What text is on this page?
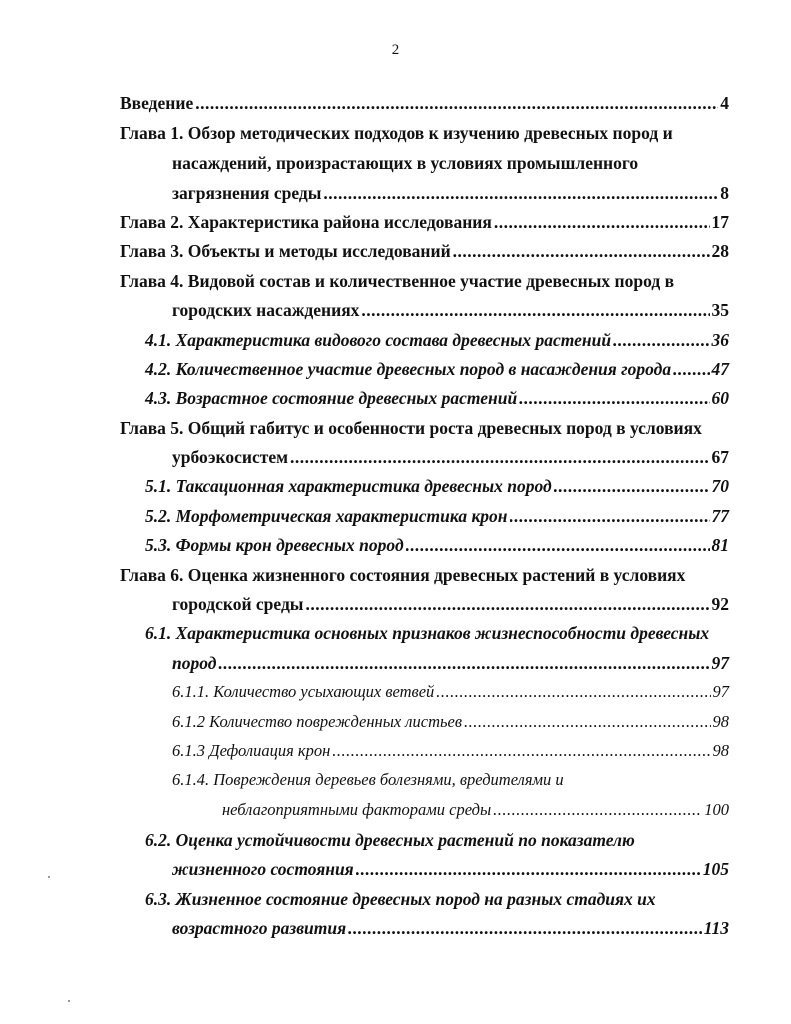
2
Введение .....	4
Глава 1. Обзор методических подходов к изучению древесных пород и
насаждений, произрастающих в условиях промышленного
загрязнения среды .....	8
Глава 2. Характеристика района исследования .....	17
Глава 3. Объекты и методы исследований .....	28
Глава 4. Видовой состав и количественное участие древесных пород в
городских насаждениях .....	35
4.1. Характеристика видового состава древесных растений .....	36
4.2. Количественное участие древесных пород в насаждения города ..... 47
4.3. Возрастное состояние древесных растений .....	60
Глава 5. Общий габитус и особенности роста древесных пород в условиях
урбоэкосистем .....	67
5.1. Таксационная характеристика древесных пород .....	70
5.2. Морфометрическая характеристика крон .....	77
5.3. Формы крон древесных пород .....	81
Глава 6. Оценка жизненного состояния древесных растений в условиях
городской среды .....	92
6.1. Характеристика основных признаков жизнеспособности древесных
пород .....	97
6.1.1. Количество усыхающих ветвей .....	97
6.1.2 Количество поврежденных листьев .....	98
6.1.3 Дефолиация крон .....	98
6.1.4. Повреждения деревьев болезнями, вредителями и
неблагоприятными факторами среды .....	100
6.2. Оценка устойчивости древесных растений по показателю
жизненного состояния .....	105
6.3. Жизненное состояние древесных пород на разных стадиях их
возрастного развития .....	113
